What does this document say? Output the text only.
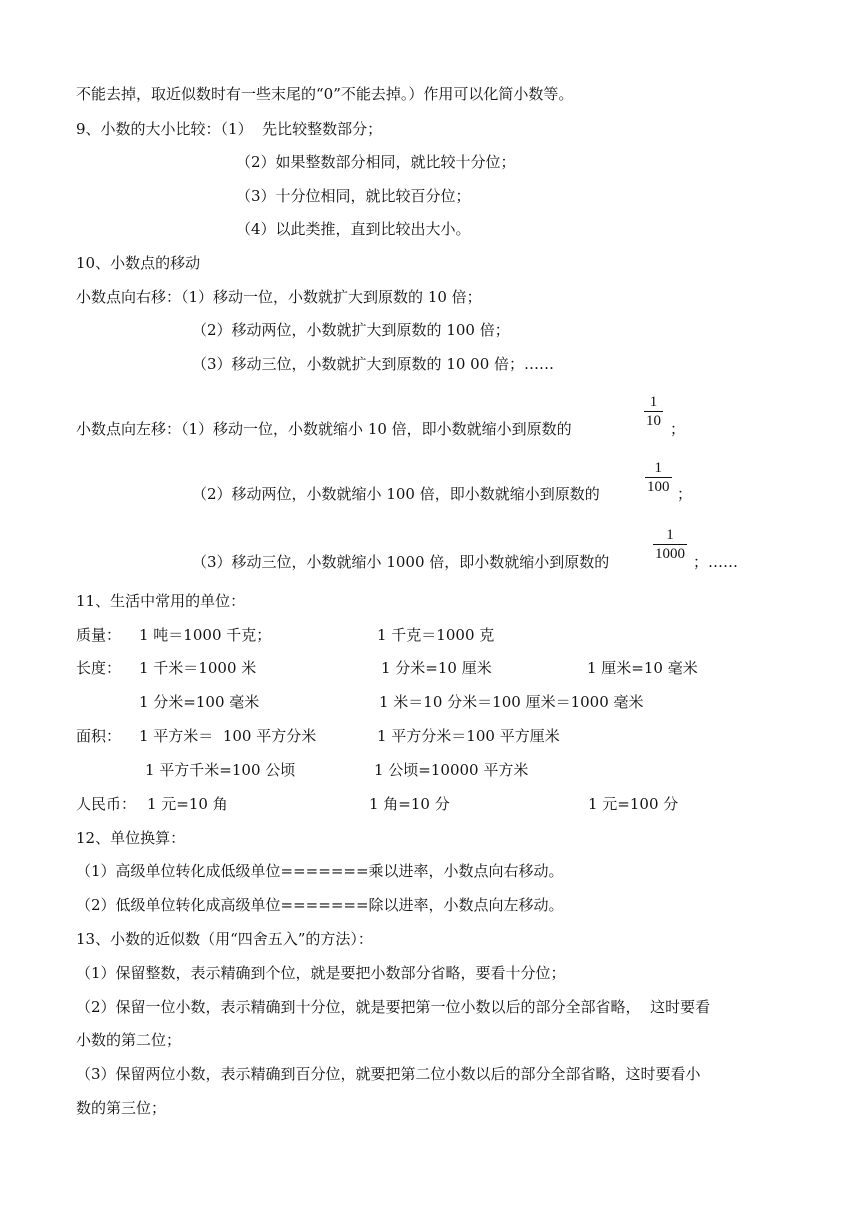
不能去掉，取近似数时有一些末尾的“0”不能去掉。）作用可以化简小数等。
9、小数的大小比较：（1）  先比较整数部分；
（2）如果整数部分相同，就比较十分位；
（3）十分位相同，就比较百分位；
（4）以此类推，直到比较出大小。
10、小数点的移动
小数点向右移：（1）移动一位，小数就扩大到原数的 10 倍；
（2）移动两位，小数就扩大到原数的 100 倍；
（3）移动三位，小数就扩大到原数的 10 00 倍；……
小数点向左移：（1）移动一位，小数就缩小 10 倍，即小数就缩小到原数的
1
10 ；
（2）移动两位，小数就缩小 100 倍，即小数就缩小到原数的
1
100 ；
（3）移动三位，小数就缩小 1000 倍，即小数就缩小到原数的
1
1000 ；……
11、生活中常用的单位：
质量： 1 吨＝1000 千克；	1 千克＝1000 克
长度： 1 千米＝1000 米	1 分米=10 厘米	1 厘米=10 毫米
1 分米=100 毫米	1 米＝10 分米＝100 厘米＝1000 毫米
面积： 1 平方米＝  100 平方分米	1 平方分米＝100 平方厘米
1 平方千米=100 公顷	1 公顷=10000 平方米
人民币： 1 元=10 角	1 角=10 分	1 元=100 分
12、单位换算：
（1）高级单位转化成低级单位=======乘以进率，小数点向右移动。
（2）低级单位转化成高级单位=======除以进率，小数点向左移动。
13、小数的近似数（用“四舍五入”的方法）：
（1）保留整数，表示精确到个位，就是要把小数部分省略，要看十分位；
（2）保留一位小数，表示精确到十分位，就是要把第一位小数以后的部分全部省略，  这时要看
小数的第二位；
（3）保留两位小数，表示精确到百分位，就要把第二位小数以后的部分全部省略，这时要看小
数的第三位；
